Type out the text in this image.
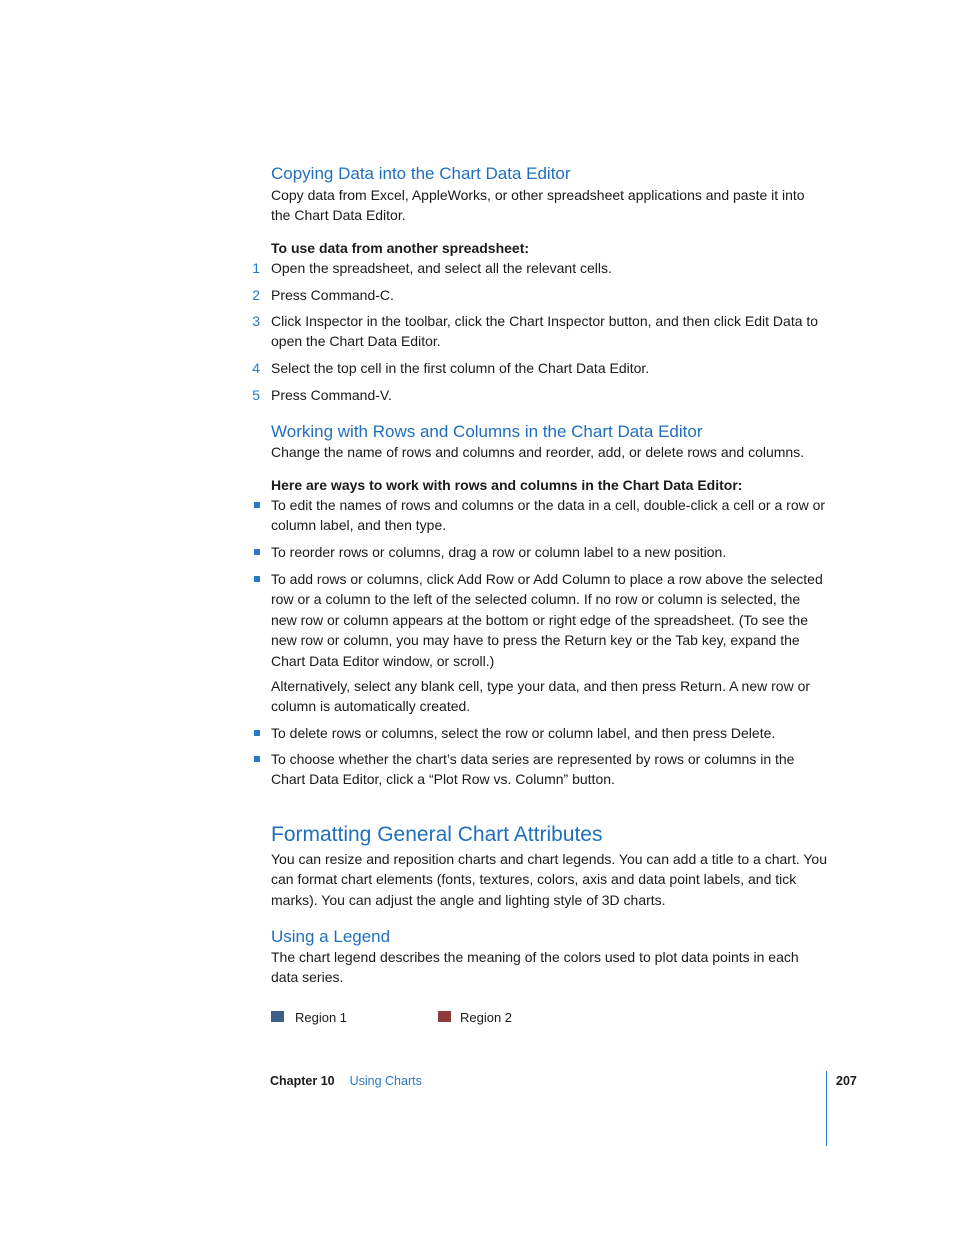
Copying Data into the Chart Data Editor
Copy data from Excel, AppleWorks, or other spreadsheet applications and paste it into the Chart Data Editor.
To use data from another spreadsheet:
1 Open the spreadsheet, and select all the relevant cells.
2 Press Command-C.
3 Click Inspector in the toolbar, click the Chart Inspector button, and then click Edit Data to open the Chart Data Editor.
4 Select the top cell in the first column of the Chart Data Editor.
5 Press Command-V.
Working with Rows and Columns in the Chart Data Editor
Change the name of rows and columns and reorder, add, or delete rows and columns.
Here are ways to work with rows and columns in the Chart Data Editor:
To edit the names of rows and columns or the data in a cell, double-click a cell or a row or column label, and then type.
To reorder rows or columns, drag a row or column label to a new position.
To add rows or columns, click Add Row or Add Column to place a row above the selected row or a column to the left of the selected column. If no row or column is selected, the new row or column appears at the bottom or right edge of the spreadsheet. (To see the new row or column, you may have to press the Return key or the Tab key, expand the Chart Data Editor window, or scroll.)
Alternatively, select any blank cell, type your data, and then press Return. A new row or column is automatically created.
To delete rows or columns, select the row or column label, and then press Delete.
To choose whether the chart’s data series are represented by rows or columns in the Chart Data Editor, click a “Plot Row vs. Column” button.
Formatting General Chart Attributes
You can resize and reposition charts and chart legends. You can add a title to a chart. You can format chart elements (fonts, textures, colors, axis and data point labels, and tick marks). You can adjust the angle and lighting style of 3D charts.
Using a Legend
The chart legend describes the meaning of the colors used to plot data points in each data series.
Region 1	Region 2
Chapter 10 Using Charts	207
